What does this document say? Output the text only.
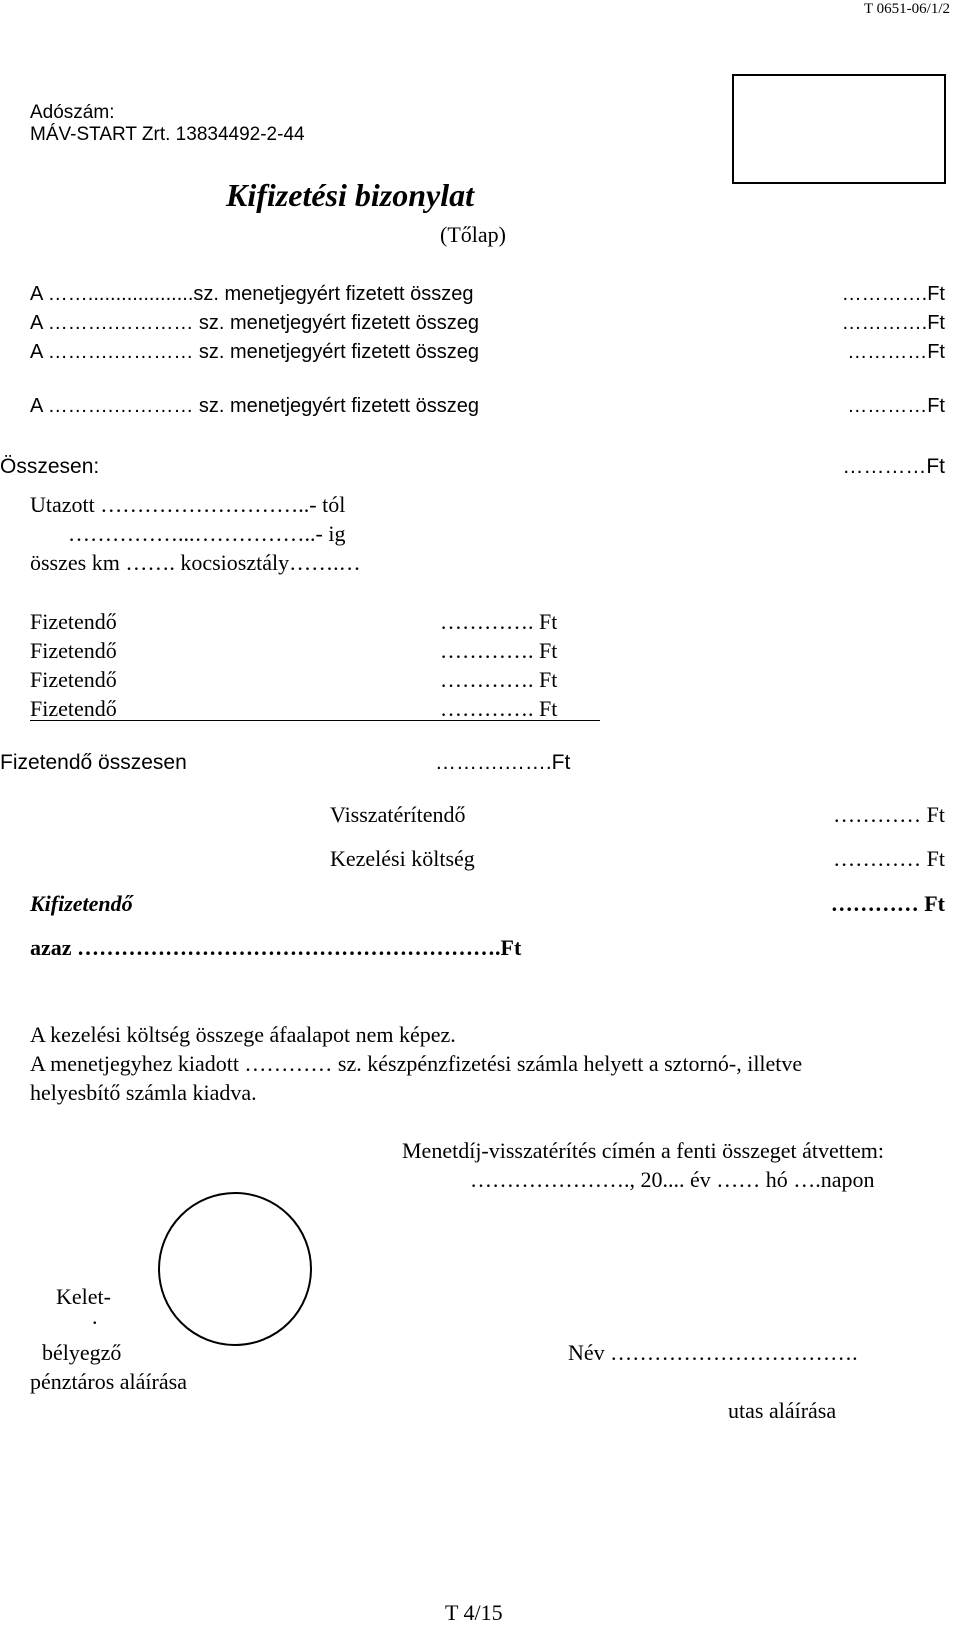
T 0651-06/1/2
Adószám:
MÁV-START Zrt. 13834492-2-44
Kifizetési bizonylat
(Tőlap)
A ……...................sz. menetjegyért fizetett összeg	………….Ft
A ……….………… sz. menetjegyért fizetett összeg	………….Ft
A ……….………… sz. menetjegyért fizetett összeg	…………Ft
A ……….………… sz. menetjegyért fizetett összeg	…………Ft
Összesen:	…………Ft
Utazott ………………………..- tól
……………...……………..- ig
összes km ……. kocsiosztály…….…
Fizetendő	…………. Ft
Fizetendő	…………. Ft
Fizetendő	…………. Ft
Fizetendő	…………. Ft
Fizetendő összesen	……….…….Ft
Visszatérítendő	………… Ft
Kezelési költség	………… Ft
Kifizetendő	………… Ft
azaz ………………………………………………….Ft
A kezelési költség összege áfaalapot nem képez.
A menetjegyhez kiadott ………… sz. készpénzfizetési számla helyett a sztornó-, illetve
helyesbítő számla kiadva.
Menetdíj-visszatérítés címén a fenti összeget átvettem:
…………………., 20.... év …… hó ….napon
Kelet-
.
bélyegző
pénztáros aláírása
Név …………………………….
utas aláírása
T 4/15
